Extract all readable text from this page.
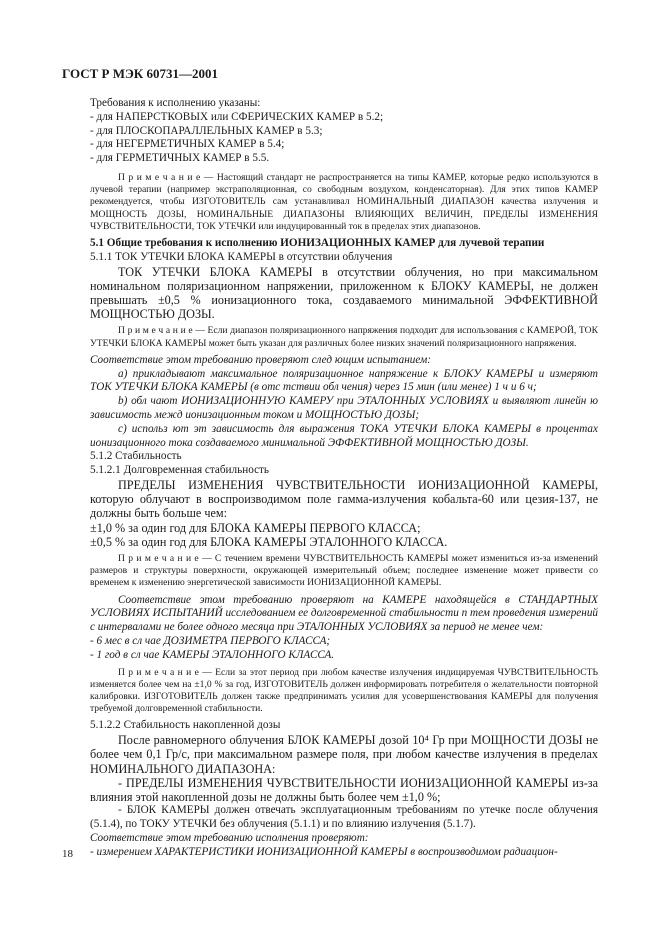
ГОСТ Р МЭК 60731—2001

Требования к исполнению указаны:

- для НАПЕРСТКОВЫХ или СФЕРИЧЕСКИХ КАМЕР в 5.2;

- для ПЛОСКОПАРАЛЛЕЛЬНЫХ КАМЕР в 5.3;

- для НЕГЕРМЕТИЧНЫХ КАМЕР в 5.4;

- для ГЕРМЕТИЧНЫХ КАМЕР в 5.5.

П р и м е ч а н и е — Настоящий стандарт не распространяется на типы КАМЕР, которые редко используются в лучевой терапии (например экстраполяционная, со свободным воздухом, конденсаторная). Для этих типов КАМЕР рекомендуется, чтобы ИЗГОТОВИТЕЛЬ сам устанавливал НОМИНАЛЬНЫЙ ДИАПАЗОН качества излучения и МОЩНОСТЬ ДОЗЫ, НОМИНАЛЬНЫЕ ДИАПАЗОНЫ ВЛИЯЮЩИХ ВЕЛИЧИН, ПРЕДЕЛЫ ИЗМЕНЕНИЯ ЧУВСТВИТЕЛЬНОСТИ, ТОК УТЕЧКИ или индуцированный ток в пределах этих диапазонов.

5.1 Общие требования к исполнению ИОНИЗАЦИОННЫХ КАМЕР для лучевой терапии

5.1.1 ТОК УТЕЧКИ БЛОКА КАМЕРЫ в отсутствии облучения

ТОК УТЕЧКИ БЛОКА КАМЕРЫ в отсутствии облучения, но при максимальном номинальном поляризационном напряжении, приложенном к БЛОКУ КАМЕРЫ, не должен превышать ±0,5 % ионизационного тока, создаваемого минимальной ЭФФЕКТИВНОЙ МОЩНОСТЬЮ ДОЗЫ.

П р и м е ч а н и е — Если диапазон поляризационного напряжения подходит для использования с КАМЕРОЙ, ТОК УТЕЧКИ БЛОКА КАМЕРЫ может быть указан для различных более низких значений поляризационного напряжения.

Соответствие этом требованию проверяют след ющим испытанием:

а) прикладывают максимальное поляризационное напряжение к БЛОКУ КАМЕРЫ и измеряют ТОК УТЕЧКИ БЛОКА КАМЕРЫ (в отс тствии обл чения) через 15 мин (или менее) 1 ч и 6 ч;

b) обл чают ИОНИЗАЦИОННУЮ КАМЕРУ при ЭТАЛОННЫХ УСЛОВИЯХ и выявляют линейн ю зависимость межд ионизационным током и МОЩНОСТЬЮ ДОЗЫ;

с) использ ют эт зависимость для выражения ТОКА УТЕЧКИ БЛОКА КАМЕРЫ в процентах ионизационного тока создаваемого минимальной ЭФФЕКТИВНОЙ МОЩНОСТЬЮ ДОЗЫ.

5.1.2 Стабильность

5.1.2.1 Долговременная стабильность

ПРЕДЕЛЫ ИЗМЕНЕНИЯ ЧУВСТВИТЕЛЬНОСТИ ИОНИЗАЦИОННОЙ КАМЕРЫ, которую облучают в воспроизводимом поле гамма-излучения кобальта-60 или цезия-137, не должны быть больше чем:

±1,0 % за один год для БЛОКА КАМЕРЫ ПЕРВОГО КЛАССА;

±0,5 % за один год для БЛОКА КАМЕРЫ ЭТАЛОННОГО КЛАССА.

П р и м е ч а н и е — С течением времени ЧУВСТВИТЕЛЬНОСТЬ КАМЕРЫ может измениться из-за изменений размеров и структуры поверхности, окружающей измерительный объем; последнее изменение может привести со временем к изменению энергетической зависимости ИОНИЗАЦИОННОЙ КАМЕРЫ.

Соответствие этом требованию проверяют на КАМЕРЕ находящейся в СТАНДАРТНЫХ УСЛОВИЯХ ИСПЫТАНИЙ исследованием ее долговременной стабильности п тем проведения измерений с интервалами не более одного месяца при ЭТАЛОННЫХ УСЛОВИЯХ за период не менее чем:

- 6 мес в сл чае ДОЗИМЕТРА ПЕРВОГО КЛАССА;

- 1 год в сл чае КАМЕРЫ ЭТАЛОННОГО КЛАССА.

П р и м е ч а н и е — Если за этот период при любом качестве излучения индицируемая ЧУВСТВИТЕЛЬНОСТЬ изменяется более чем на ±1,0 % за год, ИЗГОТОВИТЕЛЬ должен информировать потребителя о желательности повторной калибровки. ИЗГОТОВИТЕЛЬ должен также предпринимать усилия для усовершенствования КАМЕРЫ для получения требуемой долговременной стабильности.

5.1.2.2 Стабильность накопленной дозы

После равномерного облучения БЛОК КАМЕРЫ дозой 10⁴ Гр при МОЩНОСТИ ДОЗЫ не более чем 0,1 Гр/с, при максимальном размере поля, при любом качестве излучения в пределах НОМИНАЛЬНОГО ДИАПАЗОНА:

- ПРЕДЕЛЫ ИЗМЕНЕНИЯ ЧУВСТВИТЕЛЬНОСТИ ИОНИЗАЦИОННОЙ КАМЕРЫ из-за влияния этой накопленной дозы не должны быть более чем ±1,0 %;

- БЛОК КАМЕРЫ должен отвечать эксплуатационным требованиям по утечке после облучения (5.1.4), по ТОКУ УТЕЧКИ без облучения (5.1.1) и по влиянию излучения (5.1.7).

Соответствие этом требованию исполнения проверяют:

- измерением ХАРАКТЕРИСТИКИ ИОНИЗАЦИОННОЙ КАМЕРЫ в воспроизводимом радиацион-

18
